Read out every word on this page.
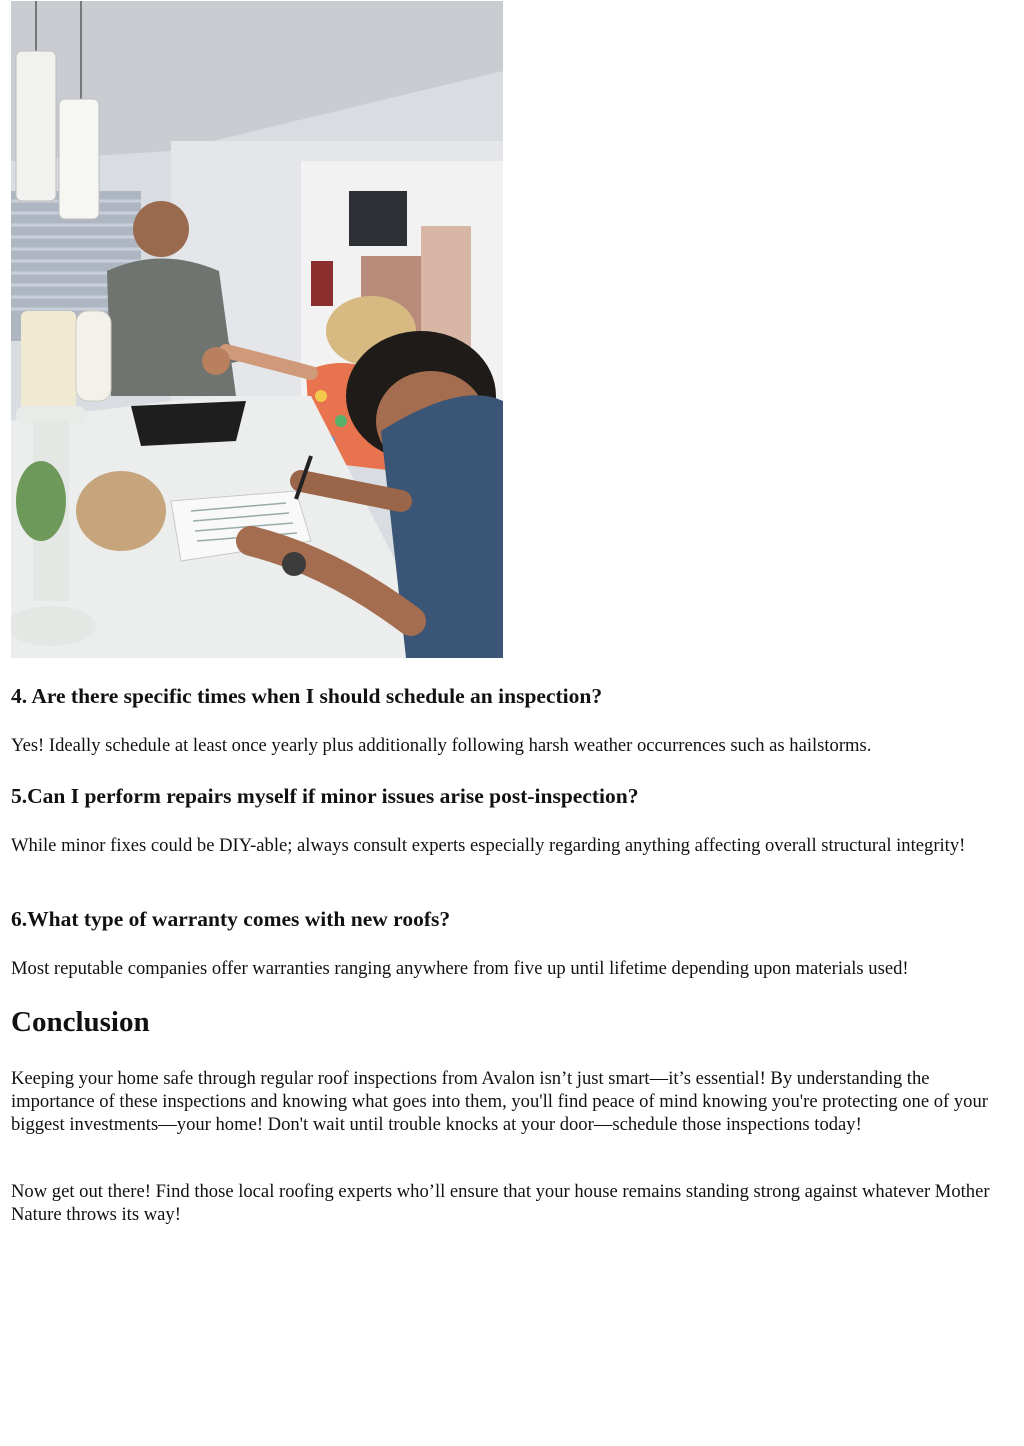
4. Are there specific times when I should schedule an inspection?

Yes! Ideally schedule at least once yearly plus additionally following harsh weather occurrences such as hailstorms.

5.Can I perform repairs myself if minor issues arise post-inspection?

While minor fixes could be DIY-able; always consult experts especially regarding anything affecting overall structural integrity!

6.What type of warranty comes with new roofs?

Most reputable companies offer warranties ranging anywhere from five up until lifetime depending upon materials used!

Conclusion

Keeping your home safe through regular roof inspections from Avalon isn’t just smart—it’s essential! By understanding the importance of these inspections and knowing what goes into them, you'll find peace of mind knowing you're protecting one of your biggest investments—your home! Don't wait until trouble knocks at your door—schedule those inspections today!

Now get out there! Find those local roofing experts who’ll ensure that your house remains standing strong against whatever Mother Nature throws its way!
